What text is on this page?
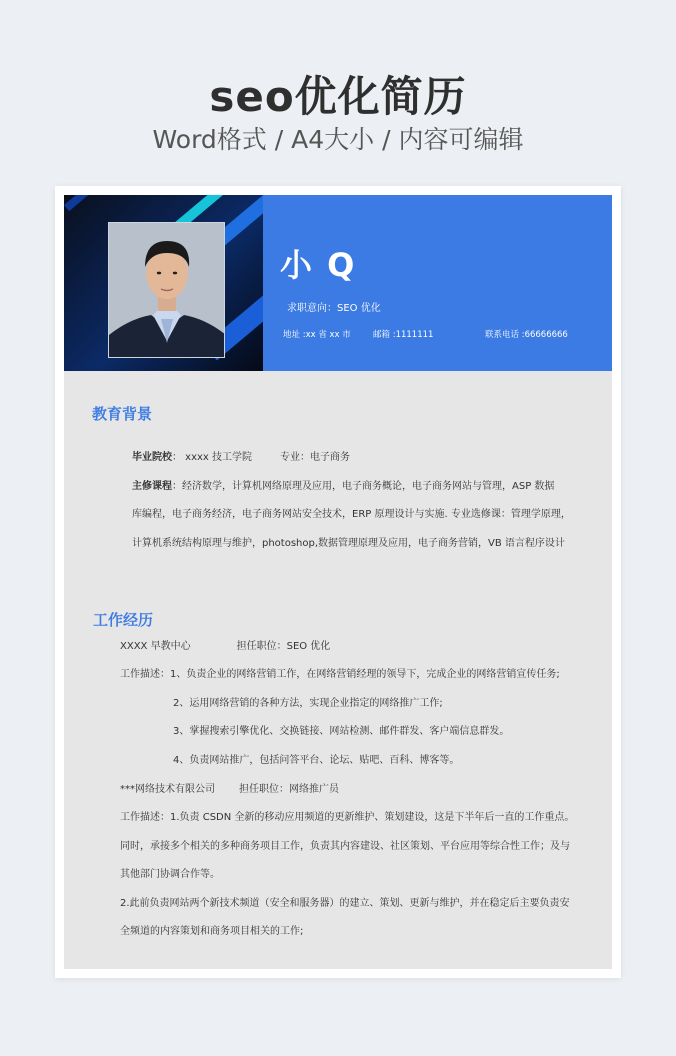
seo优化简历
Word格式 / A4大小 / 内容可编辑
小 Q
求职意向：SEO 优化
地址 :xx 省 xx 市	邮箱 :1111111	联系电话 :66666666
教育背景
毕业院校： xxxx 技工学院	专业：电子商务
主修课程：经济数学，计算机网络原理及应用，电子商务概论，电子商务网站与管理，ASP 数据
库编程，电子商务经济，电子商务网站安全技术，ERP 原理设计与实施. 专业选修课：管理学原理，
计算机系统结构原理与维护，photoshop,数据管理原理及应用，电子商务营销，VB 语言程序设计
工作经历
XXXX 早教中心	担任职位：SEO 优化
工作描述：1、负责企业的网络营销工作，在网络营销经理的领导下，完成企业的网络营销宣传任务;
2、运用网络营销的各种方法，实现企业指定的网络推广工作;
3、掌握搜索引擎优化、交换链接、网站检测、邮件群发、客户端信息群发。
4、负责网站推广，包括问答平台、论坛、贴吧、百科、博客等。
***网络技术有限公司 担任职位：网络推广员
工作描述：1.负责 CSDN 全新的移动应用频道的更新维护、策划建设，这是下半年后一直的工作重点。
同时，承接多个相关的多种商务项目工作，负责其内容建设、社区策划、平台应用等综合性工作；及与
其他部门协调合作等。
2.此前负责网站两个新技术频道（安全和服务器）的建立、策划、更新与维护，并在稳定后主要负责安
全频道的内容策划和商务项目相关的工作;
